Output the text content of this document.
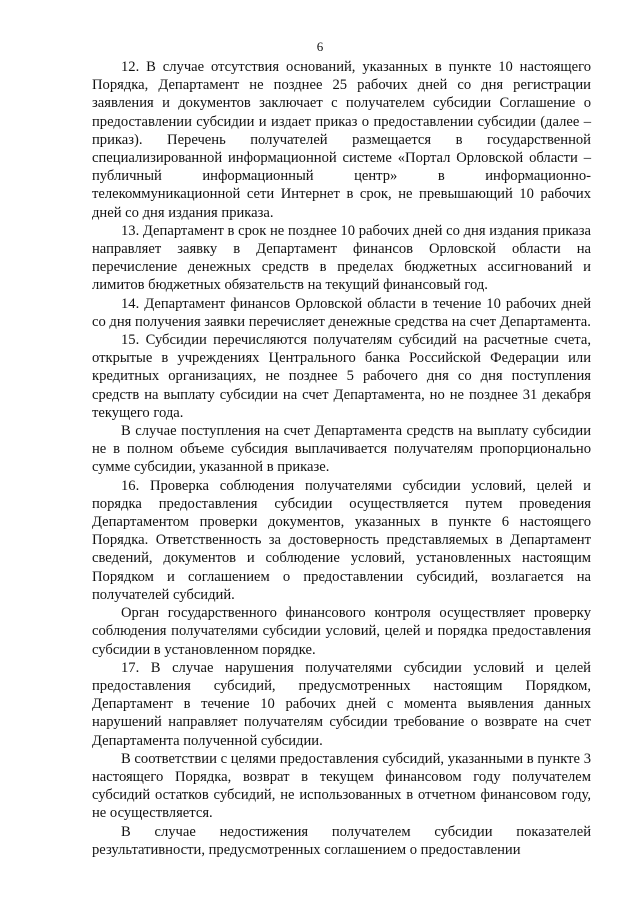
6

12. В случае отсутствия оснований, указанных в пункте 10 настоящего Порядка, Департамент не позднее 25 рабочих дней со дня регистрации заявления и документов заключает с получателем субсидии Соглашение о предоставлении субсидии и издает приказ о предоставлении субсидии (далее – приказ). Перечень получателей размещается в государственной специализированной информационной системе «Портал Орловской области – публичный информационный центр» в информационно-телекоммуникационной сети Интернет в срок, не превышающий 10 рабочих дней со дня издания приказа.

13. Департамент в срок не позднее 10 рабочих дней со дня издания приказа направляет заявку в Департамент финансов Орловской области на перечисление денежных средств в пределах бюджетных ассигнований и лимитов бюджетных обязательств на текущий финансовый год.

14. Департамент финансов Орловской области в течение 10 рабочих дней со дня получения заявки перечисляет денежные средства на счет Департамента.

15. Субсидии перечисляются получателям субсидий на расчетные счета, открытые в учреждениях Центрального банка Российской Федерации или кредитных организациях, не позднее 5 рабочего дня со дня поступления средств на выплату субсидии на счет Департамента, но не позднее 31 декабря текущего года.

В случае поступления на счет Департамента средств на выплату субсидии не в полном объеме субсидия выплачивается получателям пропорционально сумме субсидии, указанной в приказе.

16. Проверка соблюдения получателями субсидии условий, целей и порядка предоставления субсидии осуществляется путем проведения Департаментом проверки документов, указанных в пункте 6 настоящего Порядка. Ответственность за достоверность представляемых в Департамент сведений, документов и соблюдение условий, установленных настоящим Порядком и соглашением о предоставлении субсидий, возлагается на получателей субсидий.

Орган государственного финансового контроля осуществляет проверку соблюдения получателями субсидии условий, целей и порядка предоставления субсидии в установленном порядке.

17. В случае нарушения получателями субсидии условий и целей предоставления субсидий, предусмотренных настоящим Порядком, Департамент в течение 10 рабочих дней с момента выявления данных нарушений направляет получателям субсидии требование о возврате на счет Департамента полученной субсидии.

В соответствии с целями предоставления субсидий, указанными в пункте 3 настоящего Порядка, возврат в текущем финансовом году получателем субсидий остатков субсидий, не использованных в отчетном финансовом году, не осуществляется.

В случае недостижения получателем субсидии показателей результативности, предусмотренных соглашением о предоставлении
